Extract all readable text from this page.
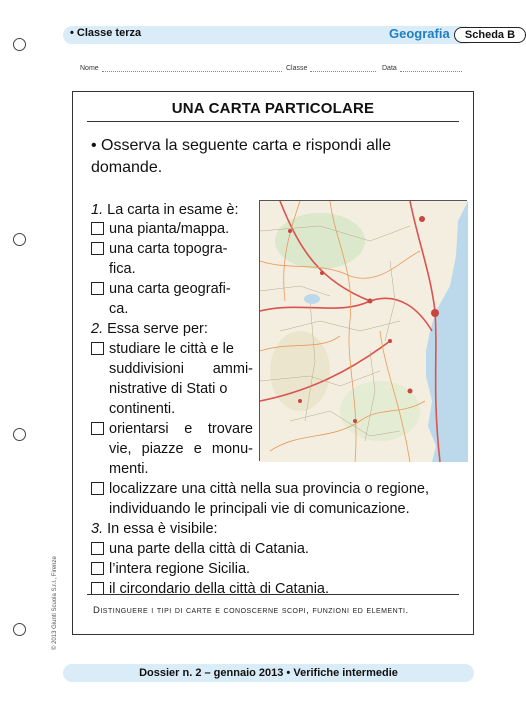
• Classe terza	Geografia	Scheda B
Nome	Classe	Data
UNA CARTA PARTICOLARE
• Osserva la seguente carta e rispondi alle domande.
1. La carta in esame è:
una pianta/mappa.
una carta topogra-
fica.
una carta geografi-
ca.
2. Essa serve per:
studiare le città e le
suddivisioni ammi-
nistrative di Stati o
continenti.
orientarsi e trovare
vie, piazze e monu-
menti.
localizzare una città nella sua provincia o regione,
individuando le principali vie di comunicazione.
3. In essa è visibile:
una parte della città di Catania.
l’intera regione Sicilia.
il circondario della città di Catania.
Distinguere i tipi di carte e conoscerne scopi, funzioni ed elementi.
© 2013 Giunti Scuola S.r.l., Firenze
Dossier n. 2 – gennaio 2013 • Verifiche intermedie
